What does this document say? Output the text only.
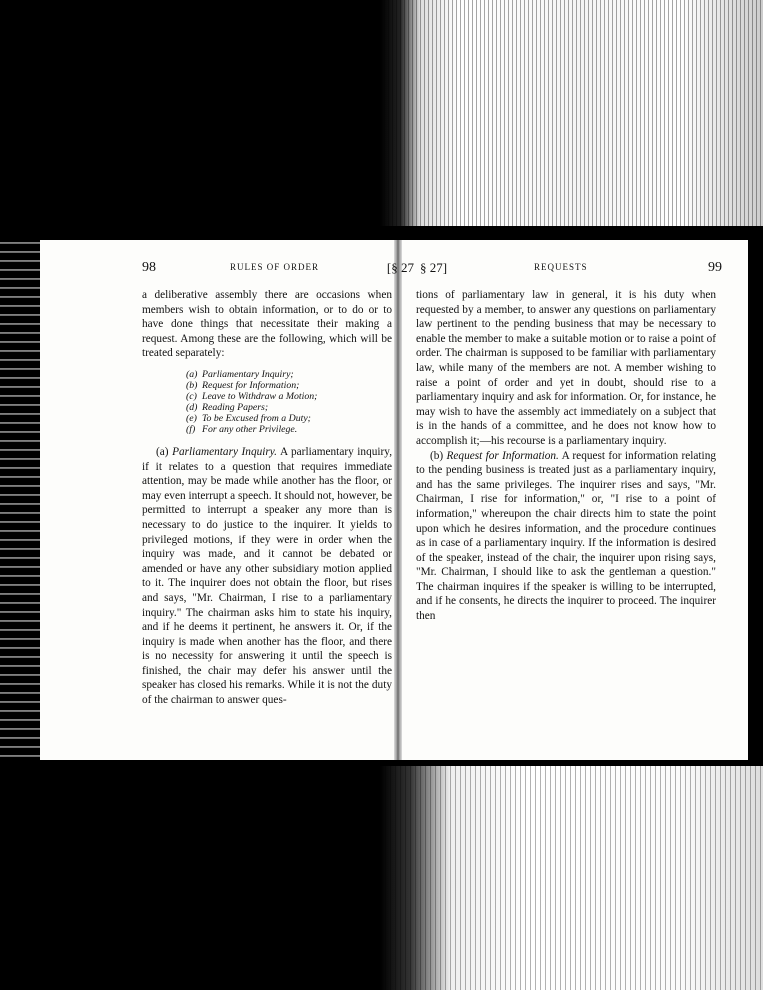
98	RULES OF ORDER	[§ 27

a deliberative assembly there are occasions when members wish to obtain information, or to do or to have done things that necessitate their making a request. Among these are the following, which will be treated separately:

(a) Parliamentary Inquiry;
(b) Request for Information;
(c) Leave to Withdraw a Motion;
(d) Reading Papers;
(e) To be Excused from a Duty;
(f) For any other Privilege.

(a) Parliamentary Inquiry. A parliamentary inquiry, if it relates to a question that requires immediate attention, may be made while another has the floor, or may even interrupt a speech. It should not, however, be permitted to interrupt a speaker any more than is necessary to do justice to the inquirer. It yields to privileged motions, if they were in order when the inquiry was made, and it cannot be debated or amended or have any other subsidiary motion applied to it. The inquirer does not obtain the floor, but rises and says, "Mr. Chairman, I rise to a parliamentary inquiry." The chairman asks him to state his inquiry, and if he deems it pertinent, he answers it. Or, if the inquiry is made when another has the floor, and there is no necessity for answering it until the speech is finished, the chair may defer his answer until the speaker has closed his remarks. While it is not the duty of the chairman to answer ques-

§ 27]	REQUESTS	99

tions of parliamentary law in general, it is his duty when requested by a member, to answer any questions on parliamentary law pertinent to the pending business that may be necessary to enable the member to make a suitable motion or to raise a point of order. The chairman is supposed to be familiar with parliamentary law, while many of the members are not. A member wishing to raise a point of order and yet in doubt, should rise to a parliamentary inquiry and ask for information. Or, for instance, he may wish to have the assembly act immediately on a subject that is in the hands of a committee, and he does not know how to accomplish it;—his recourse is a parliamentary inquiry.

(b) Request for Information. A request for information relating to the pending business is treated just as a parliamentary inquiry, and has the same privileges. The inquirer rises and says, "Mr. Chairman, I rise for information," or, "I rise to a point of information," whereupon the chair directs him to state the point upon which he desires information, and the procedure continues as in case of a parliamentary inquiry. If the information is desired of the speaker, instead of the chair, the inquirer upon rising says, "Mr. Chairman, I should like to ask the gentleman a question." The chairman inquires if the speaker is willing to be interrupted, and if he consents, he directs the inquirer to proceed. The inquirer then
